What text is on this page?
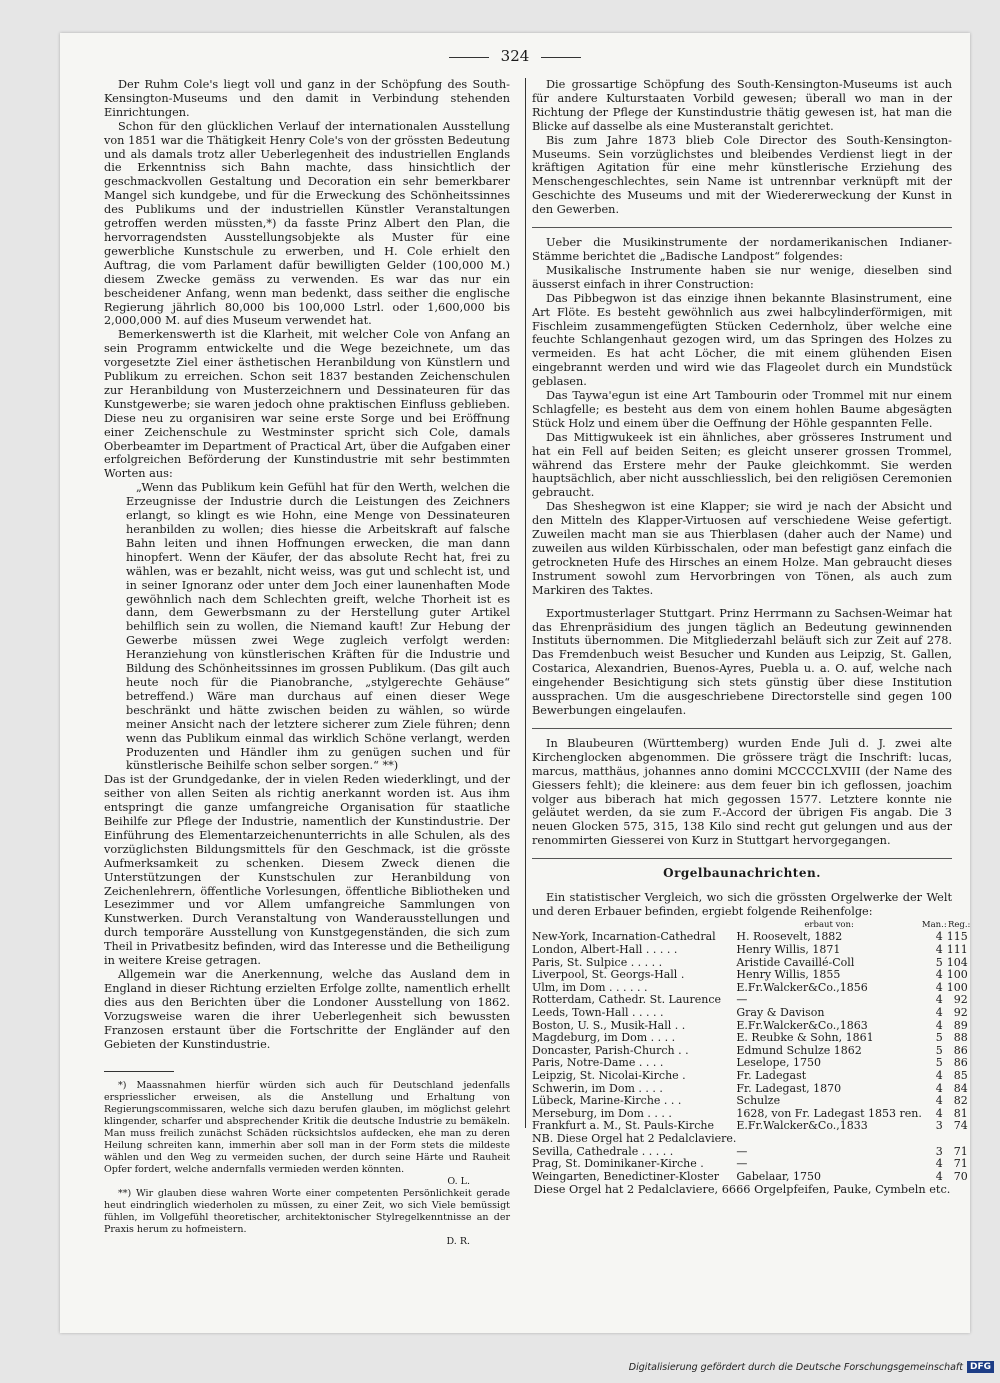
324

Der Ruhm Cole's liegt voll und ganz in der Schöpfung des South-Kensington-Museums und den damit in Verbindung stehenden Einrichtungen.

Schon für den glücklichen Verlauf der internationalen Ausstellung von 1851 war die Thätigkeit Henry Cole's von der grössten Bedeutung und als damals trotz aller Ueberlegenheit des industriellen Englands die Erkenntniss sich Bahn machte, dass hinsichtlich der geschmackvollen Gestaltung und Decoration ein sehr bemerkbarer Mangel sich kundgebe, und für die Erweckung des Schönheitssinnes des Publikums und der industriellen Künstler Veranstaltungen getroffen werden müssten,*) da fasste Prinz Albert den Plan, die hervorragendsten Ausstellungsobjekte als Muster für eine gewerbliche Kunstschule zu erwerben, und H. Cole erhielt den Auftrag, die vom Parlament dafür bewilligten Gelder (100,000 M.) diesem Zwecke gemäss zu verwenden. Es war das nur ein bescheidener Anfang, wenn man bedenkt, dass seither die englische Regierung jährlich 80,000 bis 100,000 Lstrl. oder 1,600,000 bis 2,000,000 M. auf dies Museum verwendet hat.

Bemerkenswerth ist die Klarheit, mit welcher Cole von Anfang an sein Programm entwickelte und die Wege bezeichnete, um das vorgesetzte Ziel einer ästhetischen Heranbildung von Künstlern und Publikum zu erreichen. Schon seit 1837 bestanden Zeichenschulen zur Heranbildung von Musterzeichnern und Dessinateuren für das Kunstgewerbe; sie waren jedoch ohne praktischen Einfluss geblieben. Diese neu zu organisiren war seine erste Sorge und bei Eröffnung einer Zeichenschule zu Westminster spricht sich Cole, damals Oberbeamter im Department of Practical Art, über die Aufgaben einer erfolgreichen Beförderung der Kunstindustrie mit sehr bestimmten Worten aus:

„Wenn das Publikum kein Gefühl hat für den Werth, welchen die Erzeugnisse der Industrie durch die Leistungen des Zeichners erlangt, so klingt es wie Hohn, eine Menge von Dessinateuren heranbilden zu wollen; dies hiesse die Arbeitskraft auf falsche Bahn leiten und ihnen Hoffnungen erwecken, die man dann hinopfert. Wenn der Käufer, der das absolute Recht hat, frei zu wählen, was er bezahlt, nicht weiss, was gut und schlecht ist, und in seiner Ignoranz oder unter dem Joch einer launenhaften Mode gewöhnlich nach dem Schlechten greift, welche Thorheit ist es dann, dem Gewerbsmann zu der Herstellung guter Artikel behilflich sein zu wollen, die Niemand kauft! Zur Hebung der Gewerbe müssen zwei Wege zugleich verfolgt werden: Heranziehung von künstlerischen Kräften für die Industrie und Bildung des Schönheitssinnes im grossen Publikum. (Das gilt auch heute noch für die Pianobranche, „stylgerechte Gehäuse“ betreffend.) Wäre man durchaus auf einen dieser Wege beschränkt und hätte zwischen beiden zu wählen, so würde meiner Ansicht nach der letztere sicherer zum Ziele führen; denn wenn das Publikum einmal das wirklich Schöne verlangt, werden Produzenten und Händler ihm zu genügen suchen und für künstlerische Beihilfe schon selber sorgen.“ **)

Das ist der Grundgedanke, der in vielen Reden wiederklingt, und der seither von allen Seiten als richtig anerkannt worden ist. Aus ihm entspringt die ganze umfangreiche Organisation für staatliche Beihilfe zur Pflege der Industrie, namentlich der Kunstindustrie. Der Einführung des Elementarzeichenunterrichts in alle Schulen, als des vorzüglichsten Bildungsmittels für den Geschmack, ist die grösste Aufmerksamkeit zu schenken. Diesem Zweck dienen die Unterstützungen der Kunstschulen zur Heranbildung von Zeichenlehrern, öffentliche Vorlesungen, öffentliche Bibliotheken und Lesezimmer und vor Allem umfangreiche Sammlungen von Kunstwerken. Durch Veranstaltung von Wanderausstellungen und durch temporäre Ausstellung von Kunstgegenständen, die sich zum Theil in Privatbesitz befinden, wird das Interesse und die Betheiligung in weitere Kreise getragen.

Allgemein war die Anerkennung, welche das Ausland dem in England in dieser Richtung erzielten Erfolge zollte, namentlich erhellt dies aus den Berichten über die Londoner Ausstellung von 1862. Vorzugsweise waren die ihrer Ueberlegenheit sich bewussten Franzosen erstaunt über die Fortschritte der Engländer auf den Gebieten der Kunstindustrie.

*) Maassnahmen hierfür würden sich auch für Deutschland jedenfalls erspriesslicher erweisen, als die Anstellung und Erhaltung von Regierungscommissaren, welche sich dazu berufen glauben, im möglichst gelehrt klingender, scharfer und absprechender Kritik die deutsche Industrie zu bemäkeln. Man muss freilich zunächst Schäden rücksichtslos aufdecken, ehe man zu deren Heilung schreiten kann, immerhin aber soll man in der Form stets die mildeste wählen und den Weg zu vermeiden suchen, der durch seine Härte und Rauheit Opfer fordert, welche andernfalls vermieden werden könnten.

O. L.

**) Wir glauben diese wahren Worte einer competenten Persönlichkeit gerade heut eindringlich wiederholen zu müssen, zu einer Zeit, wo sich Viele bemüssigt fühlen, im Vollgefühl theoretischer, architektonischer Stylregelkenntnisse an der Praxis herum zu hofmeistern.

D. R.

Die grossartige Schöpfung des South-Kensington-Museums ist auch für andere Kulturstaaten Vorbild gewesen; überall wo man in der Richtung der Pflege der Kunstindustrie thätig gewesen ist, hat man die Blicke auf dasselbe als eine Musteranstalt gerichtet.

Bis zum Jahre 1873 blieb Cole Director des South-Kensington-Museums. Sein vorzüglichstes und bleibendes Verdienst liegt in der kräftigen Agitation für eine mehr künstlerische Erziehung des Menschengeschlechtes, sein Name ist untrennbar verknüpft mit der Geschichte des Museums und mit der Wiedererweckung der Kunst in den Gewerben.

Ueber die Musikinstrumente der nordamerikanischen Indianer-Stämme berichtet die „Badische Landpost“ folgendes:

Musikalische Instrumente haben sie nur wenige, dieselben sind äusserst einfach in ihrer Construction:

Das Pibbegwon ist das einzige ihnen bekannte Blasinstrument, eine Art Flöte. Es besteht gewöhnlich aus zwei halbcylinderförmigen, mit Fischleim zusammengefügten Stücken Cedernholz, über welche eine feuchte Schlangenhaut gezogen wird, um das Springen des Holzes zu vermeiden. Es hat acht Löcher, die mit einem glühenden Eisen eingebrannt werden und wird wie das Flageolet durch ein Mundstück geblasen.

Das Taywa'egun ist eine Art Tambourin oder Trommel mit nur einem Schlagfelle; es besteht aus dem von einem hohlen Baume abgesägten Stück Holz und einem über die Oeffnung der Höhle gespannten Felle.

Das Mittigwukeek ist ein ähnliches, aber grösseres Instrument und hat ein Fell auf beiden Seiten; es gleicht unserer grossen Trommel, während das Erstere mehr der Pauke gleichkommt. Sie werden hauptsächlich, aber nicht ausschliesslich, bei den religiösen Ceremonien gebraucht.

Das Sheshegwon ist eine Klapper; sie wird je nach der Absicht und den Mitteln des Klapper-Virtuosen auf verschiedene Weise gefertigt. Zuweilen macht man sie aus Thierblasen (daher auch der Name) und zuweilen aus wilden Kürbisschalen, oder man befestigt ganz einfach die getrockneten Hufe des Hirsches an einem Holze. Man gebraucht dieses Instrument sowohl zum Hervorbringen von Tönen, als auch zum Markiren des Taktes.

Exportmusterlager Stuttgart. Prinz Herrmann zu Sachsen-Weimar hat das Ehrenpräsidium des jungen täglich an Bedeutung gewinnenden Instituts übernommen. Die Mitgliederzahl beläuft sich zur Zeit auf 278. Das Fremdenbuch weist Besucher und Kunden aus Leipzig, St. Gallen, Costarica, Alexandrien, Buenos-Ayres, Puebla u. a. O. auf, welche nach eingehender Besichtigung sich stets günstig über diese Institution aussprachen. Um die ausgeschriebene Directorstelle sind gegen 100 Bewerbungen eingelaufen.

In Blaubeuren (Württemberg) wurden Ende Juli d. J. zwei alte Kirchenglocken abgenommen. Die grössere trägt die Inschrift: lucas, marcus, matthäus, johannes anno domini MCCCCLXVIII (der Name des Giessers fehlt); die kleinere: aus dem feuer bin ich geflossen, joachim volger aus biberach hat mich gegossen 1577. Letztere konnte nie geläutet werden, da sie zum F.-Accord der übrigen Fis angab. Die 3 neuen Glocken 575, 315, 138 Kilo sind recht gut gelungen und aus der renommirten Giesserei von Kurz in Stuttgart hervorgegangen.

Orgelbaunachrichten.

Ein statistischer Vergleich, wo sich die grössten Orgelwerke der Welt und deren Erbauer befinden, ergiebt folgende Reihenfolge:

	erbaut von:	Man.:	Reg.:
New-York, Incarnation-Cathedral	H. Roosevelt, 1882	4	115
London, Albert-Hall . . . . .	Henry Willis, 1871	4	111
Paris, St. Sulpice . . . . .	Aristide Cavaillé-Coll	5	104
Liverpool, St. Georgs-Hall .	Henry Willis, 1855	4	100
Ulm, im Dom . . . . . .	E.Fr.Walcker&Co.,1856	4	100
Rotterdam, Cathedr. St. Laurence	—	4	92
Leeds, Town-Hall . . . . .	Gray & Davison	4	92
Boston, U. S., Musik-Hall . .	E.Fr.Walcker&Co.,1863	4	89
Magdeburg, im Dom . . . .	E. Reubke & Sohn, 1861	5	88
Doncaster, Parish-Church . .	Edmund Schulze 1862	5	86
Paris, Notre-Dame . . . .	Leselope, 1750	5	86
Leipzig, St. Nicolai-Kirche .	Fr. Ladegast	4	85
Schwerin, im Dom . . . .	Fr. Ladegast, 1870	4	84
Lübeck, Marine-Kirche . . .	Schulze	4	82
Merseburg, im Dom . . . .	1628, von Fr. Ladegast 1853 ren.	4	81
Frankfurt a. M., St. Pauls-Kirche	E.Fr.Walcker&Co.,1833	3	74
NB. Diese Orgel hat 2 Pedalclaviere.			
Sevilla, Cathedrale . . . . .	—	3	71
Prag, St. Dominikaner-Kirche .	—	4	71
Weingarten, Benedictiner-Kloster	Gabelaar, 1750	4	70

Diese Orgel hat 2 Pedalclaviere, 6666 Orgelpfeifen, Pauke, Cymbeln etc.

Digitalisierung gefördert durch die Deutsche Forschungsgemeinschaft DFG
